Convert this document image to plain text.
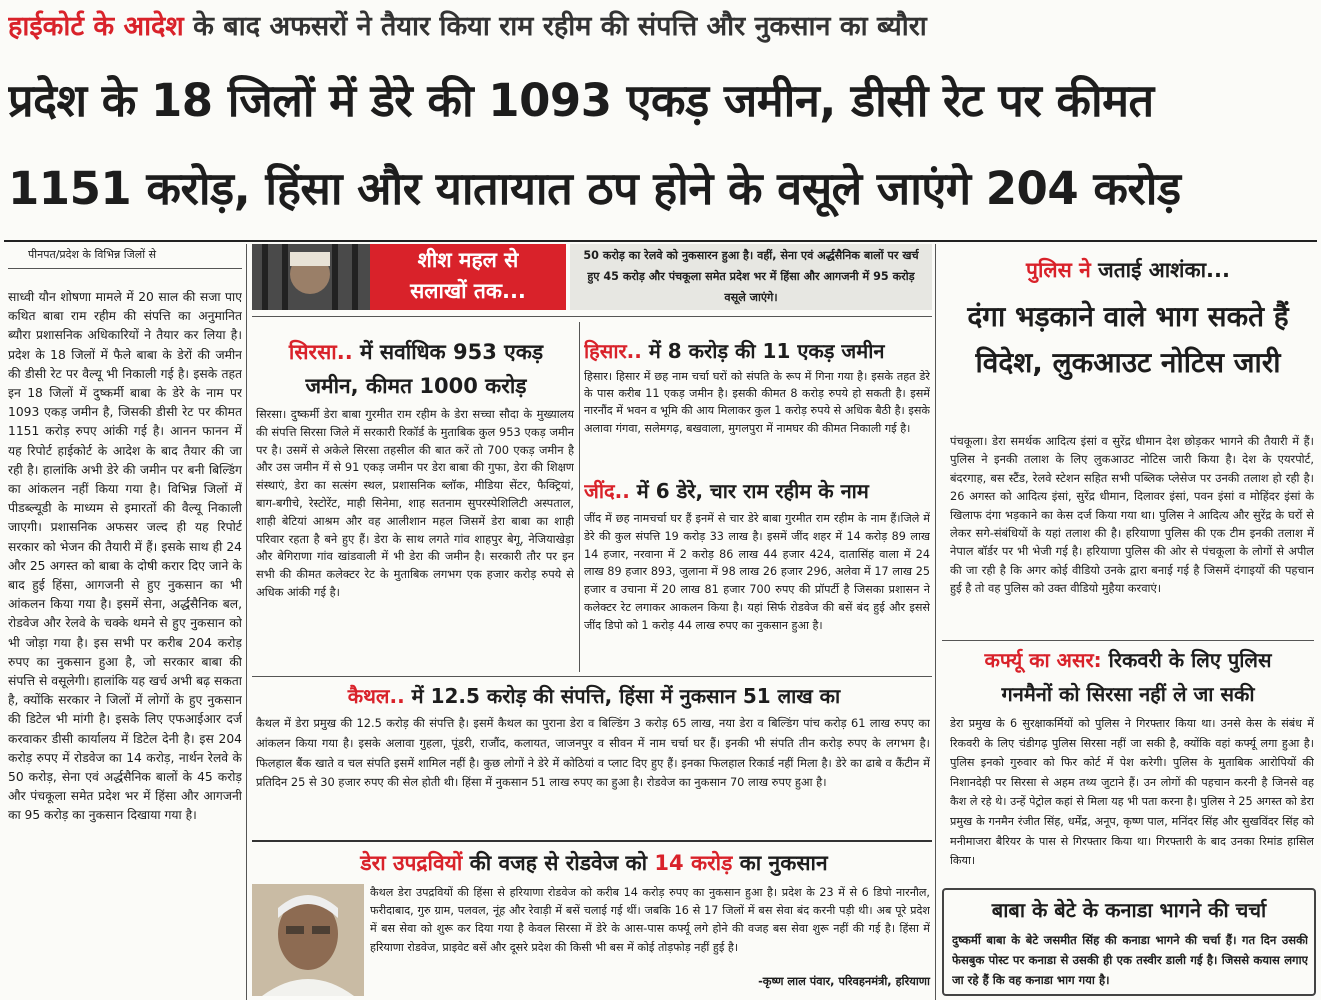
हाईकोर्ट के आदेश के बाद अफसरों ने तैयार किया राम रहीम की संपत्ति और नुकसान का ब्यौरा
प्रदेश के 18 जिलों में डेरे की 1093 एकड़ जमीन, डीसी रेट पर कीमत
1151 करोड़, हिंसा और यातायात ठप होने के वसूले जाएंगे 204 करोड़
पीनपत/प्रदेश के विभिन्न जिलों से
साध्वी यौन शोषणा मामले में 20 साल की सजा पाए कथित बाबा राम रहीम की संपत्ति का अनुमानित ब्यौरा प्रशासनिक अधिकारियों ने तैयार कर लिया है। प्रदेश के 18 जिलों में फैले बाबा के डेरों की जमीन की डीसी रेट पर वैल्यू भी निकाली गई है। इसके तहत इन 18 जिलों में दुष्कर्मी बाबा के डेरे के नाम पर 1093 एकड़ जमीन है, जिसकी डीसी रेट पर कीमत 1151 करोड़ रुपए आंकी गई है। आनन फानन में यह रिपोर्ट हाईकोर्ट के आदेश के बाद तैयार की जा रही है। हालांकि अभी डेरे की जमीन पर बनी बिल्डिंग का आंकलन नहीं किया गया है। विभिन्न जिलों में पीडब्ल्यूडी के माध्यम से इमारतों की वैल्यू निकाली जाएगी। प्रशासनिक अफसर जल्द ही यह रिपोर्ट सरकार को भेजन की तैयारी में हैं। इसके साथ ही 24 और 25 अगस्त को बाबा के दोषी करार दिए जाने के बाद हुई हिंसा, आगजनी से हुए नुकसान का भी आंकलन किया गया है। इसमें सेना, अर्द्धसैनिक बल, रोडवेज और रेलवे के चक्के थमने से हुए नुकसान को भी जोड़ा गया है। इस सभी पर करीब 204 करोड़ रुपए का नुकसान हुआ है, जो सरकार बाबा की संपत्ति से वसूलेगी। हालांकि यह खर्च अभी बढ़ सकता है, क्योंकि सरकार ने जिलों में लोगों के हुए नुकसान की डिटेल भी मांगी है। इसके लिए एफआईआर दर्ज करवाकर डीसी कार्यालय में डिटेल देनी है। इस 204 करोड़ रुपए में रोडवेज का 14 करोड़, नार्थन रेलवे के 50 करोड़, सेना एवं अर्द्धसैनिक बालों के 45 करोड़ और पंचकूला समेत प्रदेश भर में हिंसा और आगजनी का 95 करोड़ का नुकसान दिखाया गया है।
शीश महल से
सलाखों तक...
50 करोड़ का रेलवे को नुकसारन हुआ है। वहीं, सेना एवं अर्द्धसैनिक बालों पर खर्च हुए 45 करोड़ और पंचकूला समेत प्रदेश भर में हिंसा और आगजनी में 95 करोड़ वसूले जाएंगे।
सिरसा.. में सर्वाधिक 953 एकड़
जमीन, कीमत 1000 करोड़
सिरसा। दुष्कर्मी डेरा बाबा गुरमीत राम रहीम के डेरा सच्चा सौदा के मुख्यालय की संपत्ति सिरसा जिले में सरकारी रिकॉर्ड के मुताबिक कुल 953 एकड़ जमीन पर है। उसमें से अकेले सिरसा तहसील की बात करें तो 700 एकड़ जमीन है और उस जमीन में से 91 एकड़ जमीन पर डेरा बाबा की गुफा, डेरा की शिक्षण संस्थाएं, डेरा का सत्संग स्थल, प्रशासनिक ब्लॉक, मीडिया सेंटर, फैक्ट्रियां, बाग-बगीचे, रेस्टोरेंट, माही सिनेमा, शाह सतनाम सुपरस्पेशिलिटी अस्पताल, शाही बेटियां आश्रम और वह आलीशान महल जिसमें डेरा बाबा का शाही परिवार रहता है बने हुए हैं। डेरा के साथ लगते गांव शाहपुर बेगू, नेजियाखेड़ा और बेगिराणा गांव खांडवाली में भी डेरा की जमीन है। सरकारी तौर पर इन सभी की कीमत कलेक्टर रेट के मुताबिक लगभग एक हजार करोड़ रुपये से अधिक आंकी गई है।
हिसार.. में 8 करोड़ की 11 एकड़ जमीन
हिसार। हिसार में छह नाम चर्चा घरों को संपति के रूप में गिना गया है। इसके तहत डेरे के पास करीब 11 एकड़ जमीन है। इसकी कीमत 8 करोड़ रुपये हो सकती है। इसमें नारनौंद में भवन व भूमि की आय मिलाकर कुल 1 करोड़ रुपये से अधिक बैठी है। इसके अलावा गंगवा, सलेमगढ़, बखवाला, मुगलपुरा में नामघर की कीमत निकाली गई है।
जींद.. में 6 डेरे, चार राम रहीम के नाम
जींद में छह नामचर्चा घर हैं इनमें से चार डेरे बाबा गुरमीत राम रहीम के नाम हैं।जिले में डेरे की कुल संपत्ति 19 करोड़ 33 लाख है। इसमें जींद शहर में 14 करोड़ 89 लाख 14 हजार, नरवाना में 2 करोड़ 86 लाख 44 हजार 424, दातासिंह वाला में 24 लाख 89 हजार 893, जुलाना में 98 लाख 26 हजार 296, अलेवा में 17 लाख 25 हजार व उचाना में 20 लाख 81 हजार 700 रुपए की प्रॉपर्टी है जिसका प्रशासन ने कलेक्टर रेट लगाकर आकलन किया है। यहां सिर्फ रोडवेज की बसें बंद हुई और इससे जींद डिपो को 1 करोड़ 44 लाख रुपए का नुकसान हुआ है।
कैथल.. में 12.5 करोड़ की संपत्ति, हिंसा में नुकसान 51 लाख का
कैथल में डेरा प्रमुख की 12.5 करोड़ की संपत्ति है। इसमें कैथल का पुराना डेरा व बिल्डिंग 3 करोड़ 65 लाख, नया डेरा व बिल्डिंग पांच करोड़ 61 लाख रुपए का आंकलन किया गया है। इसके अलावा गुहला, पूंडरी, राजौंद, कलायत, जाजनपुर व सीवन में नाम चर्चा घर हैं। इनकी भी संपति तीन करोड़ रुपए के लगभग है। फिलहाल बैंक खाते व चल संपति इसमें शामिल नहीं है। कुछ लोगों ने डेरे में कोठियां व प्लाट दिए हुए हैं। इनका फिलहाल रिकार्ड नहीं मिला है। डेरे का ढाबे व कैंटीन में प्रतिदिन 25 से 30 हजार रुपए की सेल होती थी। हिंसा में नुकसान 51 लाख रुपए का हुआ है। रोडवेज का नुकसान 70 लाख रुपए हुआ है।
डेरा उपद्रवियों की वजह से रोडवेज को 14 करोड़ का नुकसान
कैथल डेरा उपद्रवियों की हिंसा से हरियाणा रोडवेज को करीब 14 करोड़ रुपए का नुकसान हुआ है। प्रदेश के 23 में से 6 डिपो नारनौल, फरीदाबाद, गुरु ग्राम, पलवल, नूंह और रेवाड़ी में बसें चलाई गई थीं। जबकि 16 से 17 जिलों में बस सेवा बंद करनी पड़ी थी। अब पूरे प्रदेश में बस सेवा को शुरू कर दिया गया है केवल सिरसा में डेरे के आस-पास कर्फ्यू लगे होने की वजह बस सेवा शुरू नहीं की गई है। हिंसा में हरियाणा रोडवेज, प्राइवेट बसें और दूसरे प्रदेश की किसी भी बस में कोई तोड़फोड़ नहीं हुई है।
-कृष्ण लाल पंवार, परिवहनमंत्री, हरियाणा
पुलिस ने जताई आशंका...
दंगा भड़काने वाले भाग सकते हैं
विदेश, लुकआउट नोटिस जारी
पंचकूला। डेरा समर्थक आदित्य इंसां व सुरेंद्र धीमान देश छोड़कर भागने की तैयारी में हैं। पुलिस ने इनकी तलाश के लिए लुकआउट नोटिस जारी किया है। देश के एयरपोर्ट, बंदरगाह, बस स्टैंड, रेलवे स्टेशन सहित सभी पब्लिक प्लेसेज पर उनकी तलाश हो रही है। 26 अगस्त को आदित्य इंसां, सुरेंद्र धीमान, दिलावर इंसां, पवन इंसां व मोहिंदर इंसां के खिलाफ दंगा भड़काने का केस दर्ज किया गया था। पुलिस ने आदित्य और सुरेंद्र के घरों से लेकर सगे-संबंधियों के यहां तलाश की है। हरियाणा पुलिस की एक टीम इनकी तलाश में नेपाल बॉर्डर पर भी भेजी गई है। हरियाणा पुलिस की ओर से पंचकूला के लोगों से अपील की जा रही है कि अगर कोई वीडियो उनके द्वारा बनाई गई है जिसमें दंगाइयों की पहचान हुई है तो वह पुलिस को उक्त वीडियो मुहैया करवाएं।
कर्फ्यू का असर: रिकवरी के लिए पुलिस
गनमैनों को सिरसा नहीं ले जा सकी
डेरा प्रमुख के 6 सुरक्षाकर्मियों को पुलिस ने गिरफ्तार किया था। उनसे केस के संबंध में रिकवरी के लिए चंडीगढ़ पुलिस सिरसा नहीं जा सकी है, क्योंकि वहां कर्फ्यू लगा हुआ है। पुलिस इनको गुरुवार को फिर कोर्ट में पेश करेगी। पुलिस के मुताबिक आरोपियों की निशानदेही पर सिरसा से अहम तथ्य जुटाने हैं। उन लोगों की पहचान करनी है जिनसे वह कैश ले रहे थे। उन्हें पेट्रोल कहां से मिला यह भी पता करना है। पुलिस ने 25 अगस्त को डेरा प्रमुख के गनमैन रंजीत सिंह, धर्मेंद्र, अनूप, कृष्ण पाल, मनिंदर सिंह और सुखविंदर सिंह को मनीमाजरा बैरियर के पास से गिरफ्तार किया था। गिरफ्तारी के बाद उनका रिमांड हासिल किया।
बाबा के बेटे के कनाडा भागने की चर्चा
दुष्कर्मी बाबा के बेटे जसमीत सिंह की कनाडा भागने की चर्चा हैं। गत दिन उसकी फेसबुक पोस्ट पर कनाडा से उसकी ही एक तस्वीर डाली गई है। जिससे कयास लगाए जा रहे हैं कि वह कनाडा भाग गया है।
